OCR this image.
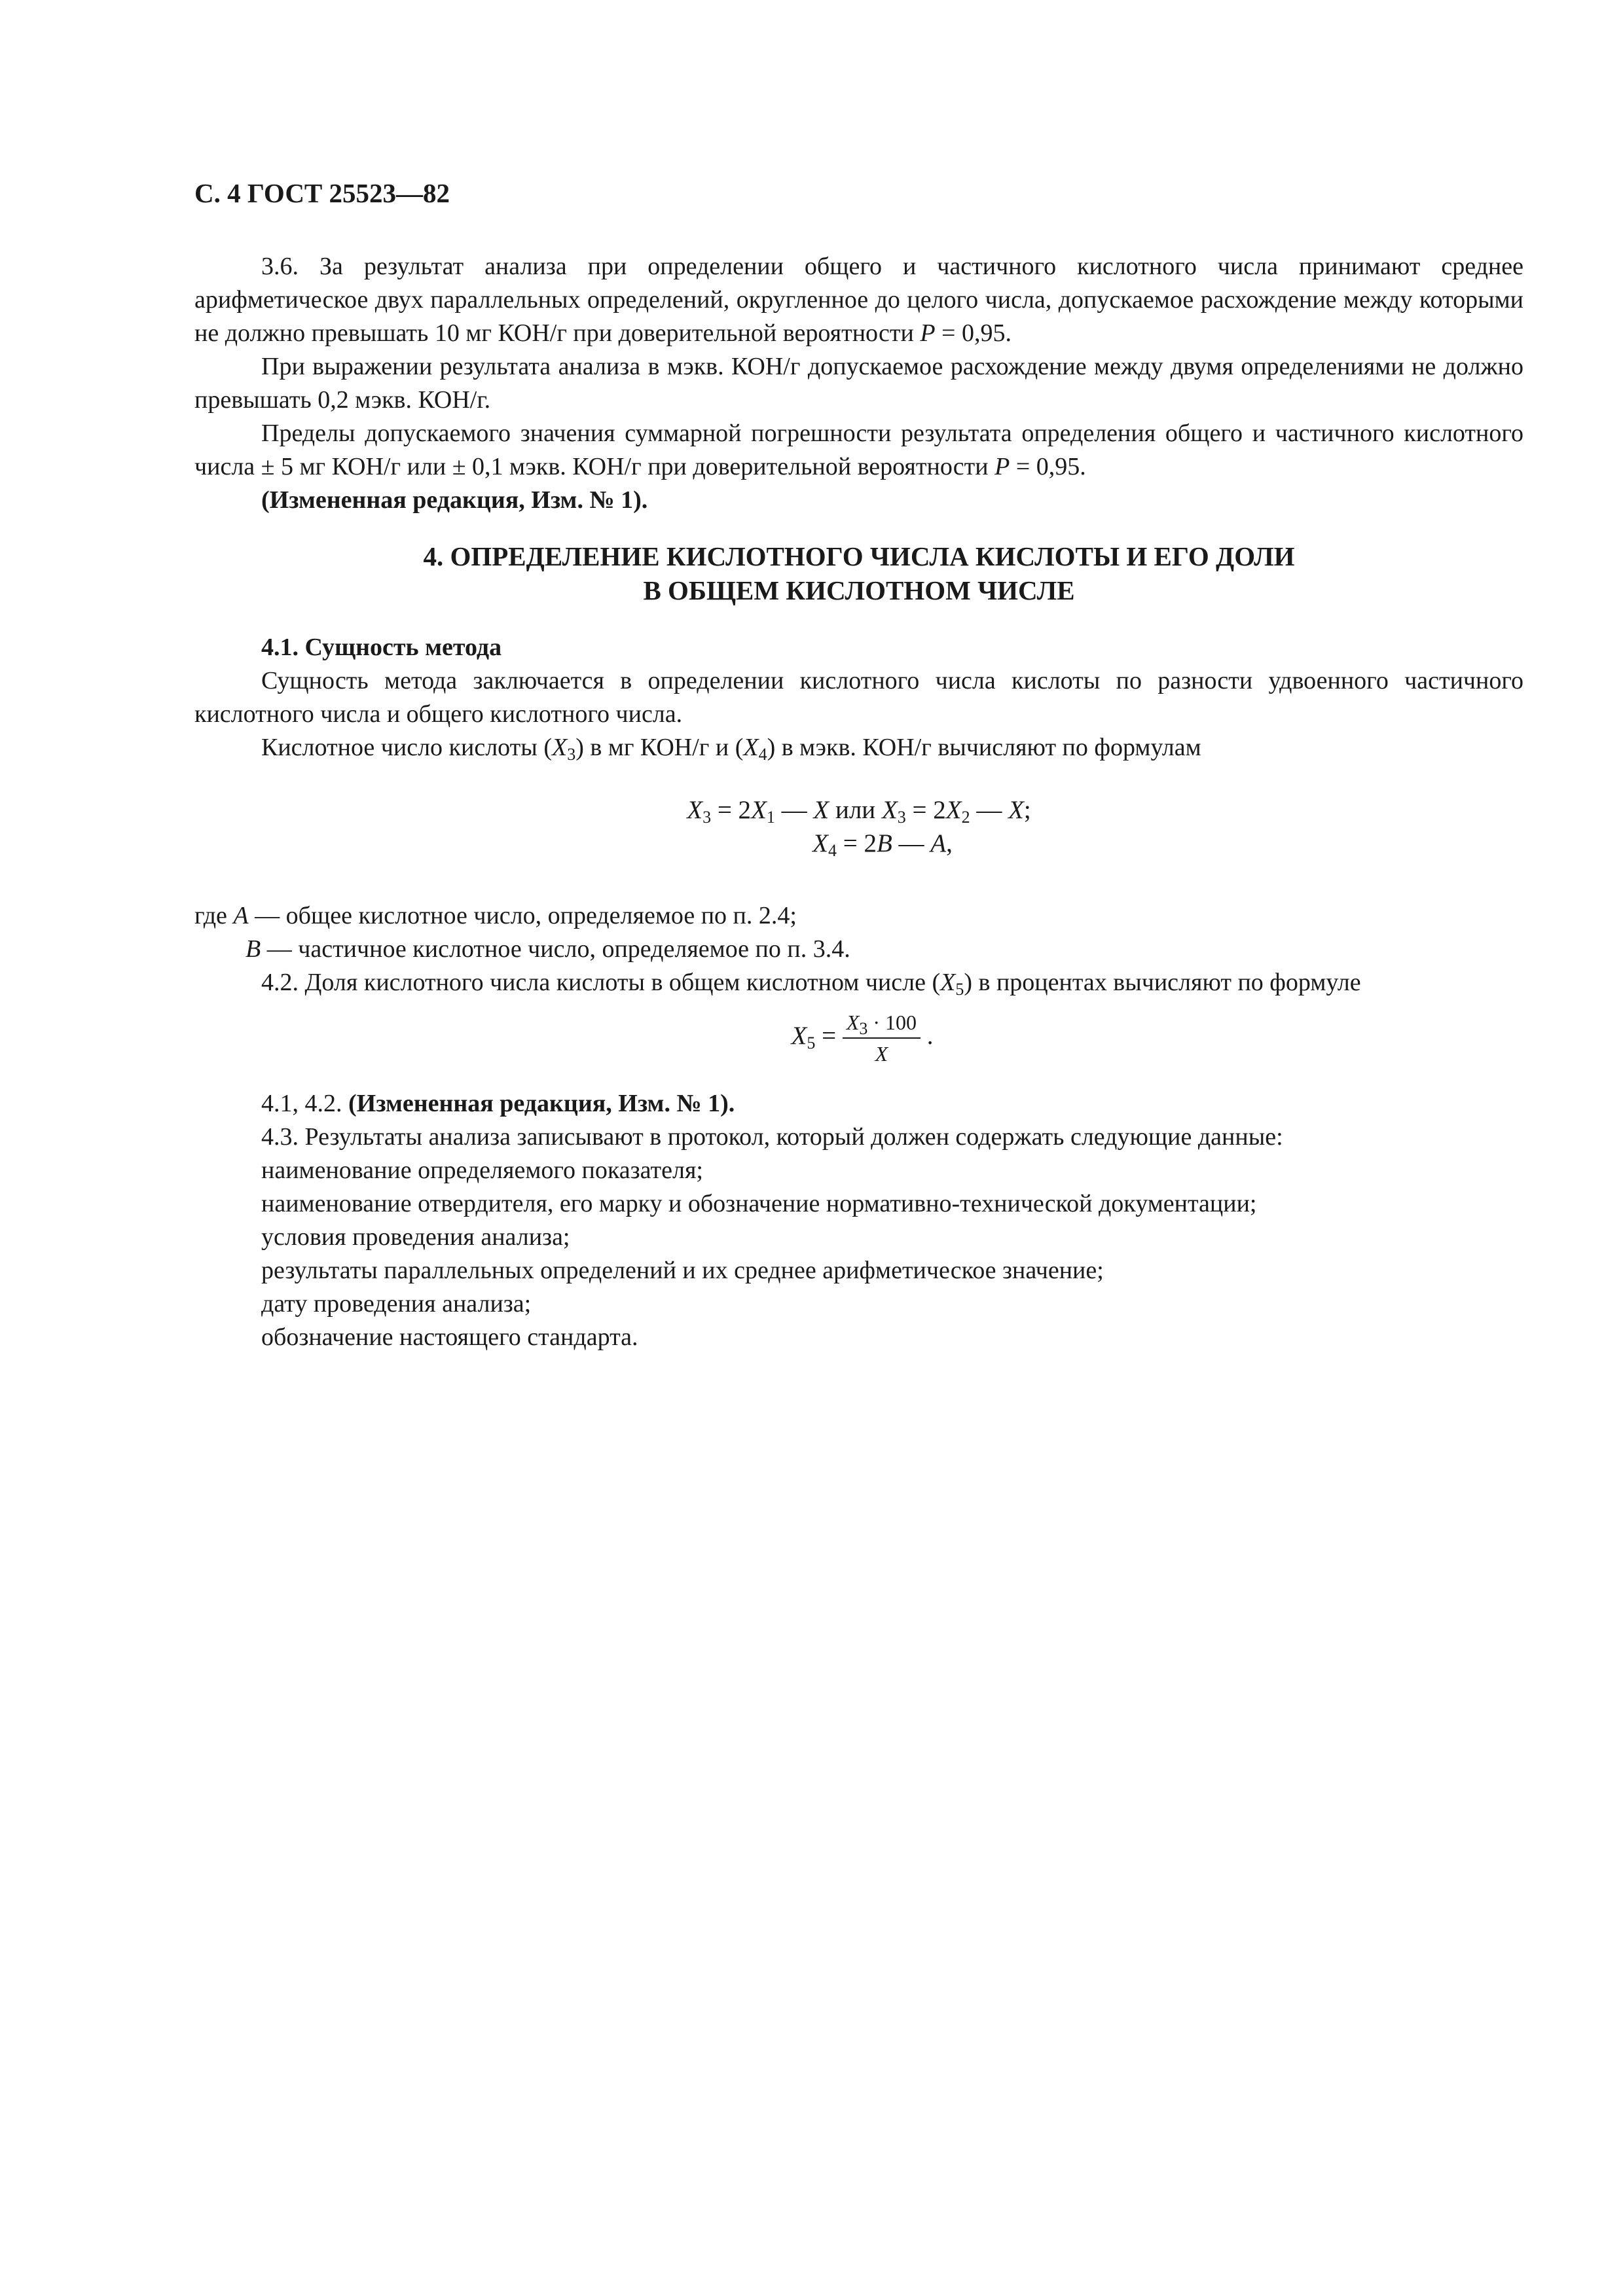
С. 4 ГОСТ 25523—82

3.6. За результат анализа при определении общего и частичного кислотного числа принимают среднее арифметическое двух параллельных определений, округленное до целого числа, допускаемое расхождение между которыми не должно превышать 10 мг КОН/г при доверительной вероятности P = 0,95.

При выражении результата анализа в мэкв. КОН/г допускаемое расхождение между двумя определениями не должно превышать 0,2 мэкв. КОН/г.

Пределы допускаемого значения суммарной погрешности результата определения общего и частичного кислотного числа ± 5 мг КОН/г или ± 0,1 мэкв. КОН/г при доверительной вероятности P = 0,95.

(Измененная редакция, Изм. № 1).

4. ОПРЕДЕЛЕНИЕ КИСЛОТНОГО ЧИСЛА КИСЛОТЫ И ЕГО ДОЛИ

В ОБЩЕМ КИСЛОТНОМ ЧИСЛЕ

4.1. Сущность метода

Сущность метода заключается в определении кислотного числа кислоты по разности удвоенного частичного кислотного числа и общего кислотного числа.

Кислотное число кислоты $(X_3)$ в мг КОН/г и $(X_4)$ в мэкв. КОН/г вычисляют по формулам

$X_3 = 2X_1$ — X или $X_3 = 2X_2$ — X;

$X_4 = 2B$ — A,

где A — общее кислотное число, определяемое по п. 2.4;

B — частичное кислотное число, определяемое по п. 3.4.

4.2. Доля кислотного числа кислоты в общем кислотном числе $(X_5)$ в процентах вычисляют по формуле

$X_5 = \frac{X_3 \cdot 100}{X}$ .

4.1, 4.2. (Измененная редакция, Изм. № 1).

4.3. Результаты анализа записывают в протокол, который должен содержать следующие данные:

наименование определяемого показателя;

наименование отвердителя, его марку и обозначение нормативно-технической документации;

условия проведения анализа;

результаты параллельных определений и их среднее арифметическое значение;

дату проведения анализа;

обозначение настоящего стандарта.
